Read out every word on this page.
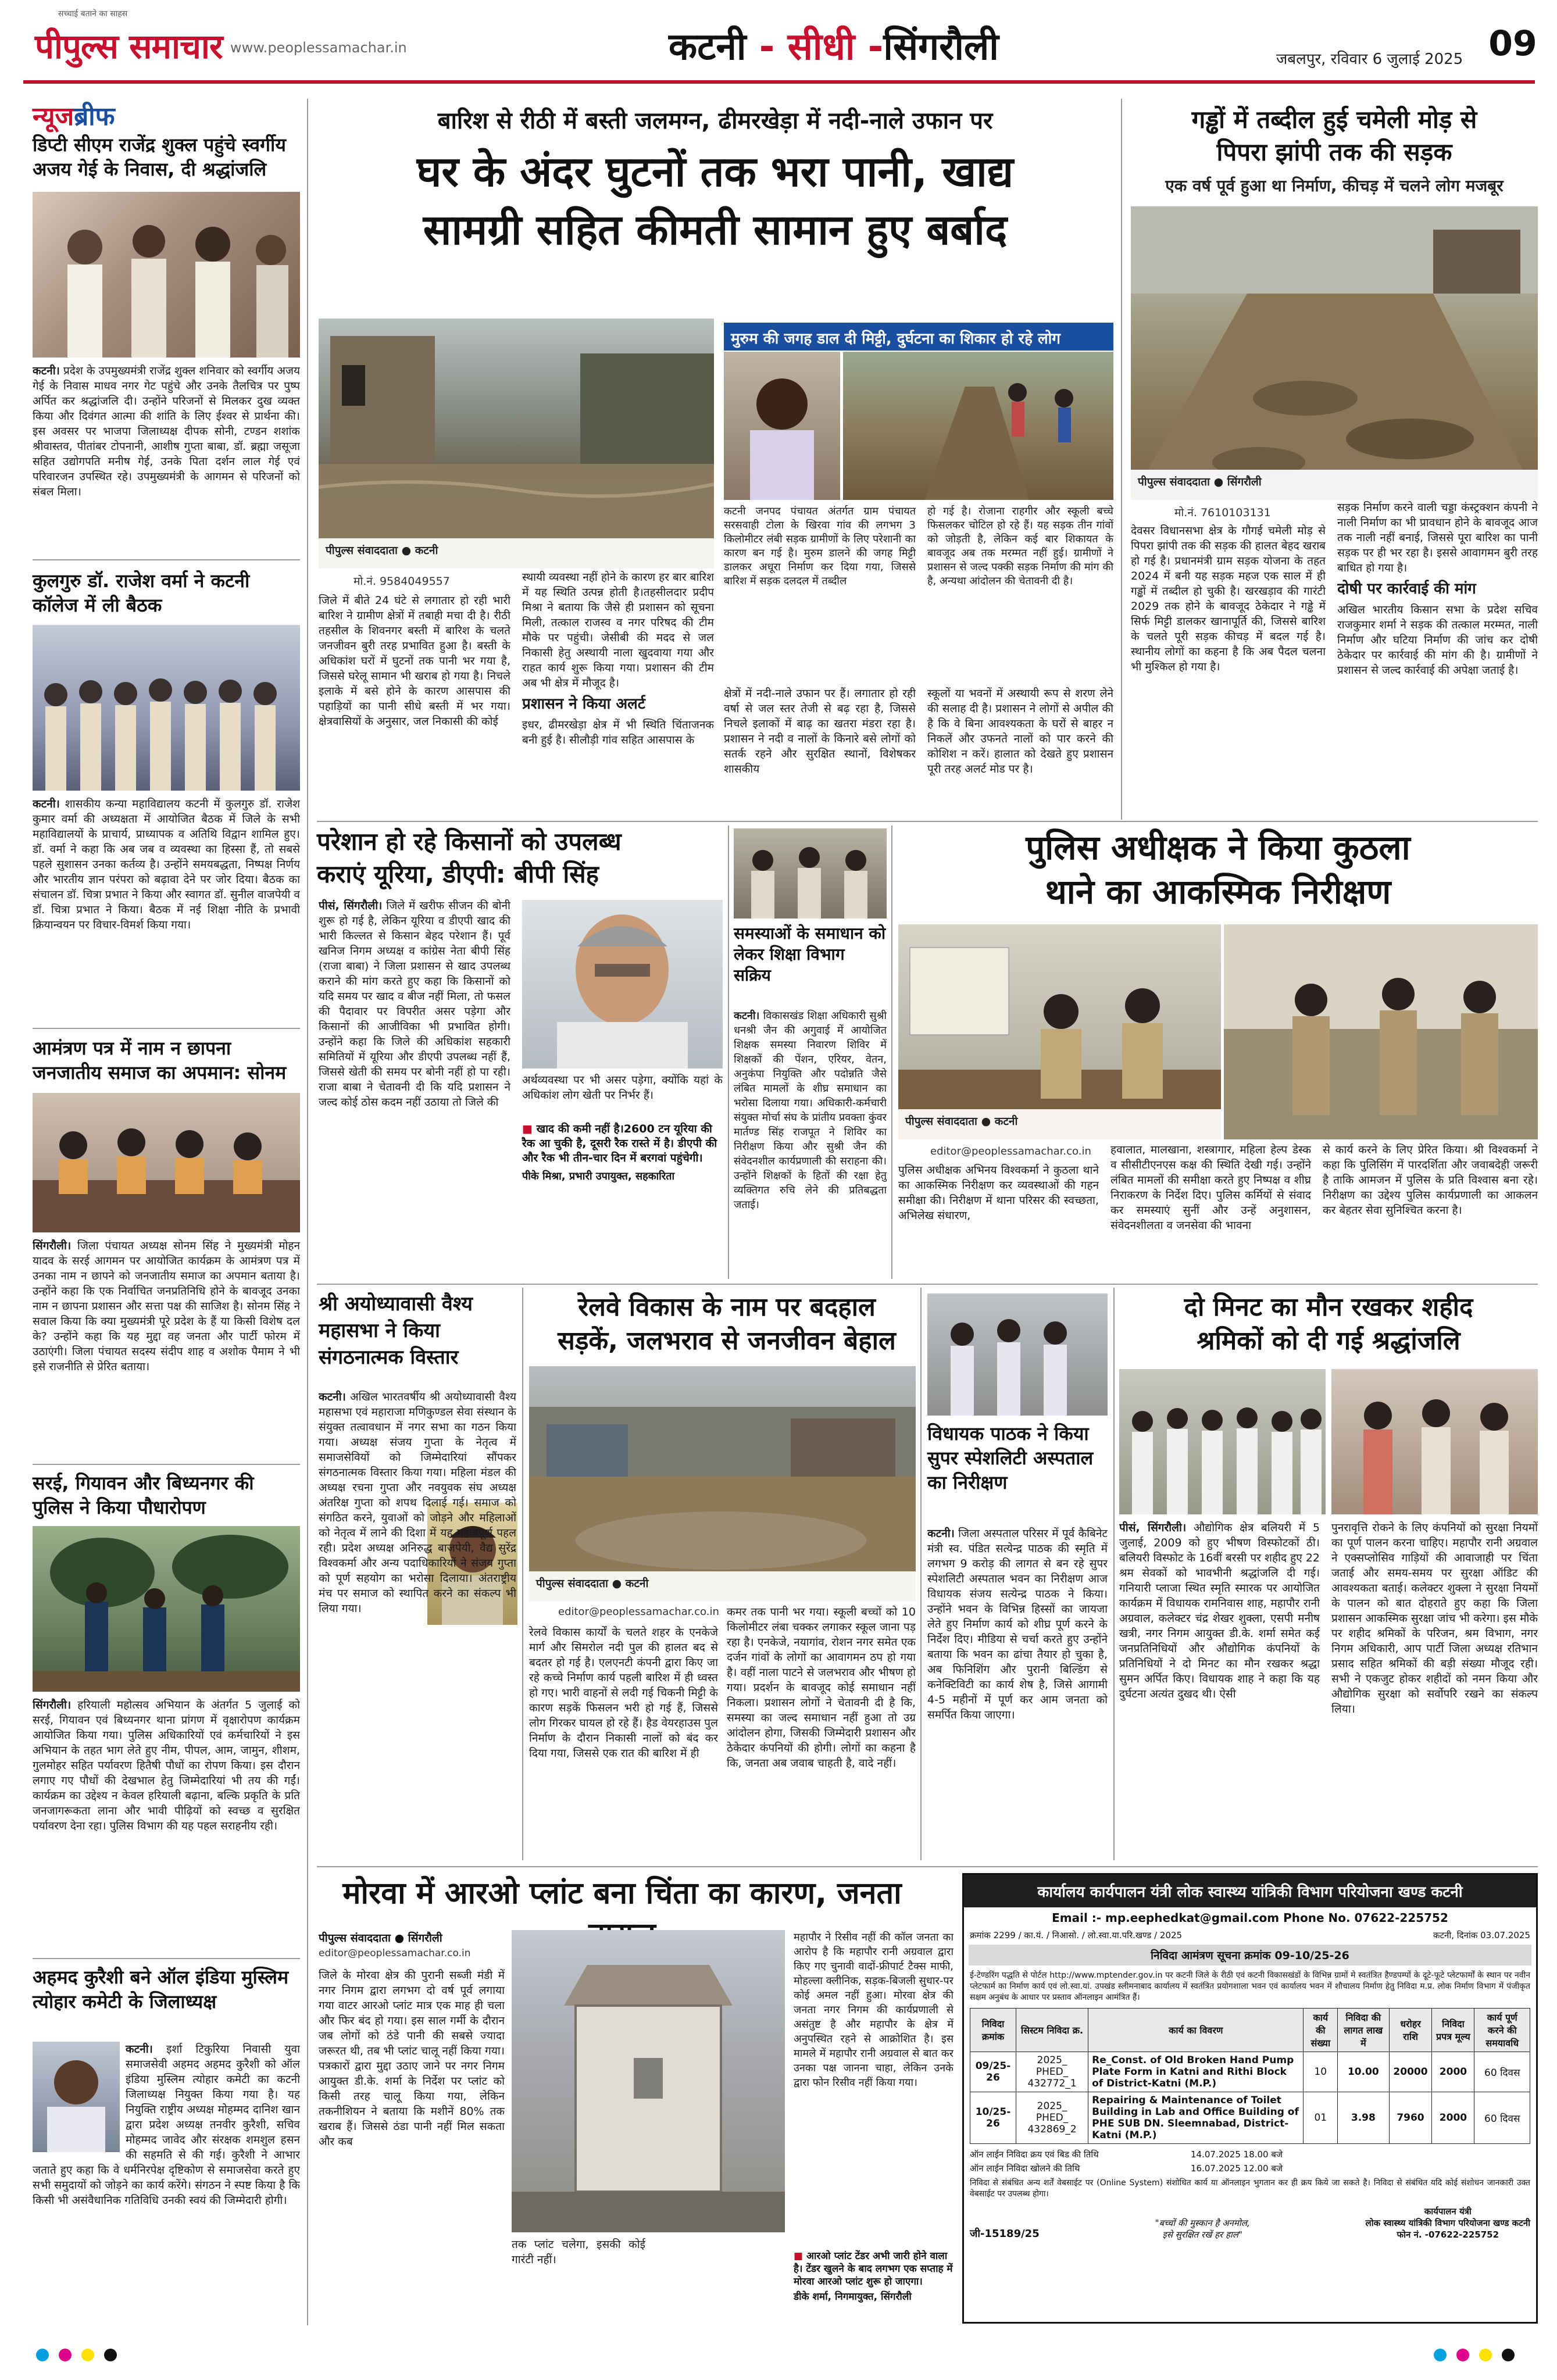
सच्चाई बताने का साहस
पीपुल्स समाचार www.peoplessamachar.in	कटनी - सीधी -सिंगरौली	जबलपुर, रविवार 6 जुलाई 2025 09
न्यूजब्रीफ
डिप्टी सीएम राजेंद्र शुक्ल पहुंचे स्वर्गीय अजय गेई के निवास, दी श्रद्धांजलि
कटनी। प्रदेश के उपमुख्यमंत्री राजेंद्र शुक्ल शनिवार को स्वर्गीय अजय गेई के निवास माधव नगर गेट पहुंचे और उनके तैलचित्र पर पुष्प अर्पित कर श्रद्धांजलि दी। उन्होंने परिजनों से मिलकर दुख व्यक्त किया और दिवंगत आत्मा की शांति के लिए ईश्वर से प्रार्थना की। इस अवसर पर भाजपा जिलाध्यक्ष दीपक सोनी, टण्डन शशांक श्रीवास्तव, पीतांबर टोपनानी, आशीष गुप्ता बाबा, डॉ. ब्रह्मा जसूजा सहित उद्योगपति मनीष गेई, उनके पिता दर्शन लाल गेई एवं परिवारजन उपस्थित रहे। उपमुख्यमंत्री के आगमन से परिजनों को संबल मिला।
कुलगुरु डॉ. राजेश वर्मा ने कटनी कॉलेज में ली बैठक
कटनी। शासकीय कन्या महाविद्यालय कटनी में कुलगुरु डॉ. राजेश कुमार वर्मा की अध्यक्षता में आयोजित बैठक में जिले के सभी महाविद्यालयों के प्राचार्य, प्राध्यापक व अतिथि विद्वान शामिल हुए। डॉ. वर्मा ने कहा कि अब जब व व्यवस्था का हिस्सा हैं, तो सबसे पहले सुशासन उनका कर्तव्य है। उन्होंने समयबद्धता, निष्पक्ष निर्णय और भारतीय ज्ञान परंपरा को बढ़ावा देने पर जोर दिया। बैठक का संचालन डॉ. चित्रा प्रभात ने किया और स्वागत डॉ. सुनील वाजपेयी व डॉ. चित्रा प्रभात ने किया। बैठक में नई शिक्षा नीति के प्रभावी क्रियान्वयन पर विचार-विमर्श किया गया।
आमंत्रण पत्र में नाम न छापना जनजातीय समाज का अपमान: सोनम
सिंगरौली। जिला पंचायत अध्यक्ष सोनम सिंह ने मुख्यमंत्री मोहन यादव के सरई आगमन पर आयोजित कार्यक्रम के आमंत्रण पत्र में उनका नाम न छापने को जनजातीय समाज का अपमान बताया है। उन्होंने कहा कि एक निर्वाचित जनप्रतिनिधि होने के बावजूद उनका नाम न छापना प्रशासन और सत्ता पक्ष की साजिश है। सोनम सिंह ने सवाल किया कि क्या मुख्यमंत्री पूरे प्रदेश के हैं या किसी विशेष दल के? उन्होंने कहा कि यह मुद्दा वह जनता और पार्टी फोरम में उठाएंगी। जिला पंचायत सदस्य संदीप शाह व अशोक पैमाम ने भी इसे राजनीति से प्रेरित बताया।
सरई, गियावन और बिध्यनगर की पुलिस ने किया पौधारोपण
सिंगरौली। हरियाली महोत्सव अभियान के अंतर्गत 5 जुलाई को सरई, गियावन एवं बिध्यनगर थाना प्रांगण में वृक्षारोपण कार्यक्रम आयोजित किया गया। पुलिस अधिकारियों एवं कर्मचारियों ने इस अभियान के तहत भाग लेते हुए नीम, पीपल, आम, जामुन, शीशम, गुलमोहर सहित पर्यावरण हितैषी पौधों का रोपण किया। इस दौरान लगाए गए पौधों की देखभाल हेतु जिम्मेदारियां भी तय की गईं। कार्यक्रम का उद्देश्य न केवल हरियाली बढ़ाना, बल्कि प्रकृति के प्रति जनजागरूकता लाना और भावी पीढ़ियों को स्वच्छ व सुरक्षित पर्यावरण देना रहा। पुलिस विभाग की यह पहल सराहनीय रही।
अहमद कुरैशी बने ऑल इंडिया मुस्लिम त्योहार कमेटी के जिलाध्यक्ष
कटनी। इर्शा टिकुरिया निवासी युवा समाजसेवी अहमद अहमद कुरैशी को ऑल इंडिया मुस्लिम त्योहार कमेटी का कटनी जिलाध्यक्ष नियुक्त किया गया है। यह नियुक्ति राष्ट्रीय अध्यक्ष मोहम्मद दानिश खान द्वारा प्रदेश अध्यक्ष तनवीर कुरैशी, सचिव मोहम्मद जावेद और संरक्षक शमशुल हसन की सहमति से की गई। कुरैशी ने आभार जताते हुए कहा कि वे धर्मनिरपेक्ष दृष्टिकोण से समाजसेवा करते हुए सभी समुदायों को जोड़ने का कार्य करेंगे। संगठन ने स्पष्ट किया है कि किसी भी असंवैधानिक गतिविधि उनकी स्वयं की जिम्मेदारी होगी।
बारिश से रीठी में बस्ती जलमग्न, ढीमरखेड़ा में नदी-नाले उफान पर
घर के अंदर घुटनों तक भरा पानी, खाद्य
सामग्री सहित कीमती सामान हुए बर्बाद
पीपुल्स संवाददाता ● कटनी
मो.नं. 9584049557
जिले में बीते 24 घंटे से लगातार हो रही भारी बारिश ने ग्रामीण क्षेत्रों में तबाही मचा दी है। रीठी तहसील के शिवनगर बस्ती में बारिश के चलते जनजीवन बुरी तरह प्रभावित हुआ है। बस्ती के अधिकांश घरों में घुटनों तक पानी भर गया है, जिससे घरेलू सामान भी खराब हो गया है। निचले इलाके में बसे होने के कारण आसपास की पहाड़ियों का पानी सीधे बस्ती में भर गया। क्षेत्रवासियों के अनुसार, जल निकासी की कोई
स्थायी व्यवस्था नहीं होने के कारण हर बार बारिश में यह स्थिति उत्पन्न होती है।तहसीलदार प्रदीप मिश्रा ने बताया कि जैसे ही प्रशासन को सूचना मिली, तत्काल राजस्व व नगर परिषद की टीम मौके पर पहुंची। जेसीबी की मदद से जल निकासी हेतु अस्थायी नाला खुदवाया गया और राहत कार्य शुरू किया गया। प्रशासन की टीम अब भी क्षेत्र में मौजूद है।
प्रशासन ने किया अलर्ट
इधर, ढीमरखेड़ा क्षेत्र में भी स्थिति चिंताजनक बनी हुई है। सीलौड़ी गांव सहित आसपास के
मुरुम की जगह डाल दी मिट्टी, दुर्घटना का शिकार हो रहे लोग
कटनी जनपद पंचायत अंतर्गत ग्राम पंचायत सरसवाही टोला के खिरवा गांव की लगभग 3 किलोमीटर लंबी सड़क ग्रामीणों के लिए परेशानी का कारण बन गई है। मुरुम डालने की जगह मिट्टी डालकर अधूरा निर्माण कर दिया गया, जिससे बारिश में सड़क दलदल में तब्दील
हो गई है। रोजाना राहगीर और स्कूली बच्चे फिसलकर चोटिल हो रहे हैं। यह सड़क तीन गांवों को जोड़ती है, लेकिन कई बार शिकायत के बावजूद अब तक मरम्मत नहीं हुई। ग्रामीणों ने प्रशासन से जल्द पक्की सड़क निर्माण की मांग की है, अन्यथा आंदोलन की चेतावनी दी है।
क्षेत्रों में नदी-नाले उफान पर हैं। लगातार हो रही वर्षा से जल स्तर तेजी से बढ़ रहा है, जिससे निचले इलाकों में बाढ़ का खतरा मंडरा रहा है। प्रशासन ने नदी व नालों के किनारे बसे लोगों को सतर्क रहने और सुरक्षित स्थानों, विशेषकर शासकीय
स्कूलों या भवनों में अस्थायी रूप से शरण लेने की सलाह दी है। प्रशासन ने लोगों से अपील की है कि वे बिना आवश्यकता के घरों से बाहर न निकलें और उफनते नालों को पार करने की कोशिश न करें। हालात को देखते हुए प्रशासन पूरी तरह अलर्ट मोड पर है।
गड्ढों में तब्दील हुई चमेली मोड़ से
पिपरा झांपी तक की सड़क
एक वर्ष पूर्व हुआ था निर्माण, कीचड़ में चलने लोग मजबूर
पीपुल्स संवाददाता ● सिंगरौली
मो.नं. 7610103131
देवसर विधानसभा क्षेत्र के गौगई चमेली मोड़ से पिपरा झांपी तक की सड़क की हालत बेहद खराब हो गई है। प्रधानमंत्री ग्राम सड़क योजना के तहत 2024 में बनी यह सड़क महज एक साल में ही गड्ढों में तब्दील हो चुकी है। खरखड़ाव की गारंटी 2029 तक होने के बावजूद ठेकेदार ने गड्ढे में सिर्फ मिट्टी डालकर खानापूर्ति की, जिससे बारिश के चलते पूरी सड़क कीचड़ में बदल गई है। स्थानीय लोगों का कहना है कि अब पैदल चलना भी मुश्किल हो गया है।
सड़क निर्माण करने वाली चड्डा कंस्ट्रक्शन कंपनी ने नाली निर्माण का भी प्रावधान होने के बावजूद आज तक नाली नहीं बनाई, जिससे पूरा बारिश का पानी सड़क पर ही भर रहा है। इससे आवागमन बुरी तरह बाधित हो गया है।
दोषी पर कार्रवाई की मांग
अखिल भारतीय किसान सभा के प्रदेश सचिव राजकुमार शर्मा ने सड़क की तत्काल मरम्मत, नाली निर्माण और घटिया निर्माण की जांच कर दोषी ठेकेदार पर कार्रवाई की मांग की है। ग्रामीणों ने प्रशासन से जल्द कार्रवाई की अपेक्षा जताई है।
परेशान हो रहे किसानों को उपलब्ध
कराएं यूरिया, डीएपी: बीपी सिंह
पीसं, सिंगरौली। जिले में खरीफ सीजन की बोनी शुरू हो गई है, लेकिन यूरिया व डीएपी खाद की भारी किल्लत से किसान बेहद परेशान हैं। पूर्व खनिज निगम अध्यक्ष व कांग्रेस नेता बीपी सिंह (राजा बाबा) ने जिला प्रशासन से खाद उपलब्ध कराने की मांग करते हुए कहा कि किसानों को यदि समय पर खाद व बीज नहीं मिला, तो फसल की पैदावार पर विपरीत असर पड़ेगा और किसानों की आजीविका भी प्रभावित होगी। उन्होंने कहा कि जिले की अधिकांश सहकारी समितियों में यूरिया और डीएपी उपलब्ध नहीं हैं, जिससे खेती की समय पर बोनी नहीं हो पा रही। राजा बाबा ने चेतावनी दी कि यदि प्रशासन ने जल्द कोई ठोस कदम नहीं उठाया तो जिले की
अर्थव्यवस्था पर भी असर पड़ेगा, क्योंकि यहां के अधिकांश लोग खेती पर निर्भर हैं।
■ खाद की कमी नहीं है।2600 टन यूरिया की रैक आ चुकी है, दूसरी रैक रास्ते में है। डीएपी की और रैक भी तीन-चार दिन में बरगवां पहुंचेगी।
पीके मिश्रा, प्रभारी उपायुक्त, सहकारिता
समस्याओं के समाधान को लेकर शिक्षा विभाग सक्रिय
कटनी। विकासखंड शिक्षा अधिकारी सुश्री धनश्री जैन की अगुवाई में आयोजित शिक्षक समस्या निवारण शिविर में शिक्षकों की पेंशन, एरियर, वेतन, अनुकंपा नियुक्ति और पदोन्नति जैसे लंबित मामलों के शीघ्र समाधान का भरोसा दिलाया गया। अधिकारी-कर्मचारी संयुक्त मोर्चा संघ के प्रांतीय प्रवक्ता कुंवर मार्तण्ड सिंह राजपूत ने शिविर का निरीक्षण किया और सुश्री जैन की संवेदनशील कार्यप्रणाली की सराहना की। उन्होंने शिक्षकों के हितों की रक्षा हेतु व्यक्तिगत रुचि लेने की प्रतिबद्धता जताई।
पुलिस अधीक्षक ने किया कुठला
थाने का आकस्मिक निरीक्षण
पीपुल्स संवाददाता ● कटनी
editor@peoplessamachar.co.in
पुलिस अधीक्षक अभिनय विश्वकर्मा ने कुठला थाने का आकस्मिक निरीक्षण कर व्यवस्थाओं की गहन समीक्षा की। निरीक्षण में थाना परिसर की स्वच्छता, अभिलेख संधारण,
हवालात, मालखाना, शस्त्रागार, महिला हेल्प डेस्क व सीसीटीएनएस कक्ष की स्थिति देखी गई। उन्होंने लंबित मामलों की समीक्षा करते हुए निष्पक्ष व शीघ्र निराकरण के निर्देश दिए। पुलिस कर्मियों से संवाद कर समस्याएं सुनीं और उन्हें अनुशासन, संवेदनशीलता व जनसेवा की भावना
से कार्य करने के लिए प्रेरित किया। श्री विश्वकर्मा ने कहा कि पुलिसिंग में पारदर्शिता और जवाबदेही जरूरी है ताकि आमजन में पुलिस के प्रति विश्वास बना रहे। निरीक्षण का उद्देश्य पुलिस कार्यप्रणाली का आकलन कर बेहतर सेवा सुनिश्चित करना है।
श्री अयोध्यावासी वैश्य महासभा ने किया संगठनात्मक विस्तार
कटनी। अखिल भारतवर्षीय श्री अयोध्यावासी वैश्य महासभा एवं महाराजा मणिकुण्डल सेवा संस्थान के संयुक्त तत्वावधान में नगर सभा का गठन किया गया। अध्यक्ष संजय गुप्ता के नेतृत्व में समाजसेवियों को जिम्मेदारियां सौंपकर संगठनात्मक विस्तार किया गया। महिला मंडल की अध्यक्ष रचना गुप्ता और नवयुवक संघ अध्यक्ष अंतरिक्ष गुप्ता को शपथ दिलाई गई। समाज को संगठित करने, युवाओं को जोड़ने और महिलाओं को नेतृत्व में लाने की दिशा में यह महत्वपूर्ण पहल रही। प्रदेश अध्यक्ष अनिरुद्ध बाजपेयी, वैद्य सुरेंद्र विश्वकर्मा और अन्य पदाधिकारियों ने संजय गुप्ता को पूर्ण सहयोग का भरोसा दिलाया। अंतराष्ट्रीय मंच पर समाज को स्थापित करने का संकल्प भी लिया गया।
रेलवे विकास के नाम पर बदहाल
सड़कें, जलभराव से जनजीवन बेहाल
पीपुल्स संवाददाता ● कटनी
editor@peoplessamachar.co.in
रेलवे विकास कार्यों के चलते शहर के एनकेजे मार्ग और सिमरोल नदी पुल की हालत बद से बदतर हो गई है। एलएनटी कंपनी द्वारा किए जा रहे कच्चे निर्माण कार्य पहली बारिश में ही ध्वस्त हो गए। भारी वाहनों से लदी गई चिकनी मिट्टी के कारण सड़कें फिसलन भरी हो गई हैं, जिससे लोग गिरकर घायल हो रहे हैं। हैड वेयरहाउस पुल निर्माण के दौरान निकासी नालों को बंद कर दिया गया, जिससे एक रात की बारिश में ही
कमर तक पानी भर गया। स्कूली बच्चों को 10 किलोमीटर लंबा चक्कर लगाकर स्कूल जाना पड़ रहा है। एनकेजे, नयागांव, रोशन नगर समेत एक दर्जन गांवों के लोगों का आवागमन ठप हो गया है। वहीं नाला पाटने से जलभराव और भीषण हो गया। प्रदर्शन के बावजूद कोई समाधान नहीं निकला। प्रशासन लोगों ने चेतावनी दी है कि, समस्या का जल्द समाधान नहीं हुआ तो उग्र आंदोलन होगा, जिसकी जिम्मेदारी प्रशासन और ठेकेदार कंपनियों की होगी। लोगों का कहना है कि, जनता अब जवाब चाहती है, वादे नहीं।
विधायक पाठक ने किया सुपर स्पेशलिटी अस्पताल का निरीक्षण
कटनी। जिला अस्पताल परिसर में पूर्व कैबिनेट मंत्री स्व. पंडित सत्येन्द्र पाठक की स्मृति में लगभग 9 करोड़ की लागत से बन रहे सुपर स्पेशलिटी अस्पताल भवन का निरीक्षण आज विधायक संजय सत्येन्द्र पाठक ने किया। उन्होंने भवन के विभिन्न हिस्सों का जायजा लेते हुए निर्माण कार्य को शीघ्र पूर्ण करने के निर्देश दिए। मीडिया से चर्चा करते हुए उन्होंने बताया कि भवन का ढांचा तैयार हो चुका है, अब फिनिशिंग और पुरानी बिल्डिंग से कनेक्टिविटी का कार्य शेष है, जिसे आगामी 4-5 महीनों में पूर्ण कर आम जनता को समर्पित किया जाएगा।
दो मिनट का मौन रखकर शहीद
श्रमिकों को दी गई श्रद्धांजलि
पीसं, सिंगरौली। औद्योगिक क्षेत्र बलियरी में 5 जुलाई, 2009 को हुए भीषण विस्फोटकों ठी। बलियरी विस्फोट के 16वीं बरसी पर शहीद हुए 22 श्रम सेवकों को भावभीनी श्रद्धांजलि दी गई। गनियारी प्लाजा स्थित स्मृति स्मारक पर आयोजित कार्यक्रम में विधायक रामनिवास शाह, महापौर रानी अग्रवाल, कलेक्टर चंद्र शेखर शुक्ला, एसपी मनीष खत्री, नगर निगम आयुक्त डी.के. शर्मा समेत कई जनप्रतिनिधियों और औद्योगिक कंपनियों के प्रतिनिधियों ने दो मिनट का मौन रखकर श्रद्धा सुमन अर्पित किए। विधायक शाह ने कहा कि यह दुर्घटना अत्यंत दुखद थी। ऐसी
पुनरावृत्ति रोकने के लिए कंपनियों को सुरक्षा नियमों का पूर्ण पालन करना चाहिए। महापौर रानी अग्रवाल ने एक्सप्लोसिव गाड़ियों की आवाजाही पर चिंता जताई और समय-समय पर सुरक्षा ऑडिट की आवश्यकता बताई। कलेक्टर शुक्ला ने सुरक्षा नियमों के पालन को बात दोहराते हुए कहा कि जिला प्रशासन आकस्मिक सुरक्षा जांच भी करेगा। इस मौके पर शहीद श्रमिकों के परिजन, श्रम विभाग, नगर निगम अधिकारी, आप पार्टी जिला अध्यक्ष रतिभान प्रसाद सहित श्रमिकों की बड़ी संख्या मौजूद रही। सभी ने एकजुट होकर शहीदों को नमन किया और औद्योगिक सुरक्षा को सर्वोपरि रखने का संकल्प लिया।
मोरवा में आरओ प्लांट बना चिंता का कारण, जनता
पीपुल्स संवाददाता ● सिंगरौली
editor@peoplessamachar.co.in
जिले के मोरवा क्षेत्र की पुरानी सब्जी मंडी में नगर निगम द्वारा लगभग दो वर्ष पूर्व लगाया गया वाटर आरओ प्लांट मात्र एक माह ही चला और फिर बंद हो गया। इस साल गर्मी के दौरान जब लोगों को ठंडे पानी की सबसे ज्यादा जरूरत थी, तब भी प्लांट चालू नहीं किया गया। पत्रकारों द्वारा मुद्दा उठाए जाने पर नगर निगम आयुक्त डी.के. शर्मा के निर्देश पर प्लांट को किसी तरह चालू किया गया, लेकिन तकनीशियन ने बताया कि मशीनें 80% तक खराब हैं। जिससे ठंडा पानी नहीं मिल सकता और कब
तक प्लांट चलेगा, इसकी कोई गारंटी नहीं।
महापौर ने रिसीव नहीं की कॉल जनता का आरोप है कि महापौर रानी अग्रवाल द्वारा किए गए चुनावी वादों-फ्रीपार्ट टैक्स माफी, मोहल्ला क्लीनिक, सड़क-बिजली सुधार-पर कोई अमल नहीं हुआ। मोरवा क्षेत्र की जनता नगर निगम की कार्यप्रणाली से असंतुष्ट है और महापौर के क्षेत्र में अनुपस्थित रहने से आक्रोशित है। इस मामले में महापौर रानी अग्रवाल से बात कर उनका पक्ष जानना चाहा, लेकिन उनके द्वारा फोन रिसीव नहीं किया गया।
■ आरओ प्लांट टेंडर अभी जारी होने वाला है। टेंडर खुलने के बाद लगभग एक सप्ताह में मोरवा आरओ प्लांट शुरू हो जाएगा।
डीके शर्मा, निगमायुक्त, सिंगरौली
कार्यालय कार्यपालन यंत्री लोक स्वास्थ्य यांत्रिकी विभाग परियोजना खण्ड कटनी
Email :- mp.eephedkat@gmail.com Phone No. 07622-225752
क्रमांक 2299 / का.यं. / निआसो. / लो.स्वा.या.परि.खण्ड / 2025	कटनी, दिनांक 03.07.2025
निविदा आमंत्रण सूचना क्रमांक 09-10/25-26
ई-टेण्डरिंग पद्धति से पोर्टल http://www.mptender.gov.in पर कटनी जिले के रीठी एवं कटनी विकासखंडों के विभिन्न ग्रामों मे स्वतंत्रित हैण्डपम्पों के दूटे-फूटे प्लेटफार्मों के स्थान पर नवीन प्लेटफार्म का निर्माण कार्य एवं लो.स्वा.यां. उपखंड स्लीमनाबाद कार्यालय में स्वतंत्रित प्रयोगशाला भवन एवं कार्यालय भवन में शौचालय निर्माण हेतु निविदा म.प्र. लोक निर्माण विभाग में पंजीकृत सक्षम अनुबंध के आधार पर प्रस्ताव ऑनलाइन आमंत्रित हैं।
निविदा क्रमांक	सिस्टम निविदा क्र.	कार्य का विवरण	कार्य की संख्या	निविदा की लागत लाख में	धरोहर राशि	निविदा प्रपत्र मूल्य	कार्य पूर्ण करने की समयावधि
09/25-26	2025_ PHED_ 432772_1	Re_Const. of Old Broken Hand Pump Plate Form in Katni and Rithi Block of District-Katni (M.P.)	10	10.00	20000	2000	60 दिवस
10/25-26	2025_ PHED_ 432869_2	Repairing & Maintenance of Toilet Building in Lab and Office Building of PHE SUB DN. Sleemnabad, District-Katni (M.P.)	01	3.98	7960	2000	60 दिवस
ऑन लाईन निविदा क्रय एवं बिड की तिथि	14.07.2025 18.00 बजे
ऑन लाईन निविदा खोलने की तिथि	16.07.2025 12.00 बजे
निविदा से संबंधित अन्य शर्तें वेबसाईट पर (Online System) संशोधित कार्य या ऑनलाइन भुगतान कर ही क्रय किये जा सकते है। निविदा से संबंधित यदि कोई संशोधन जानकारी उक्त वेबसाईट पर उपलब्ध होगा।
जी-15189/25
"बच्चों की मुस्कान है अनमोल,
इसे सुरक्षित रखें हर हाल"
कार्यपालन यंत्री
लोक स्वास्थ्य यांत्रिकी विभाग परियोजना खण्ड कटनी
फोन नं. -07622-225752
